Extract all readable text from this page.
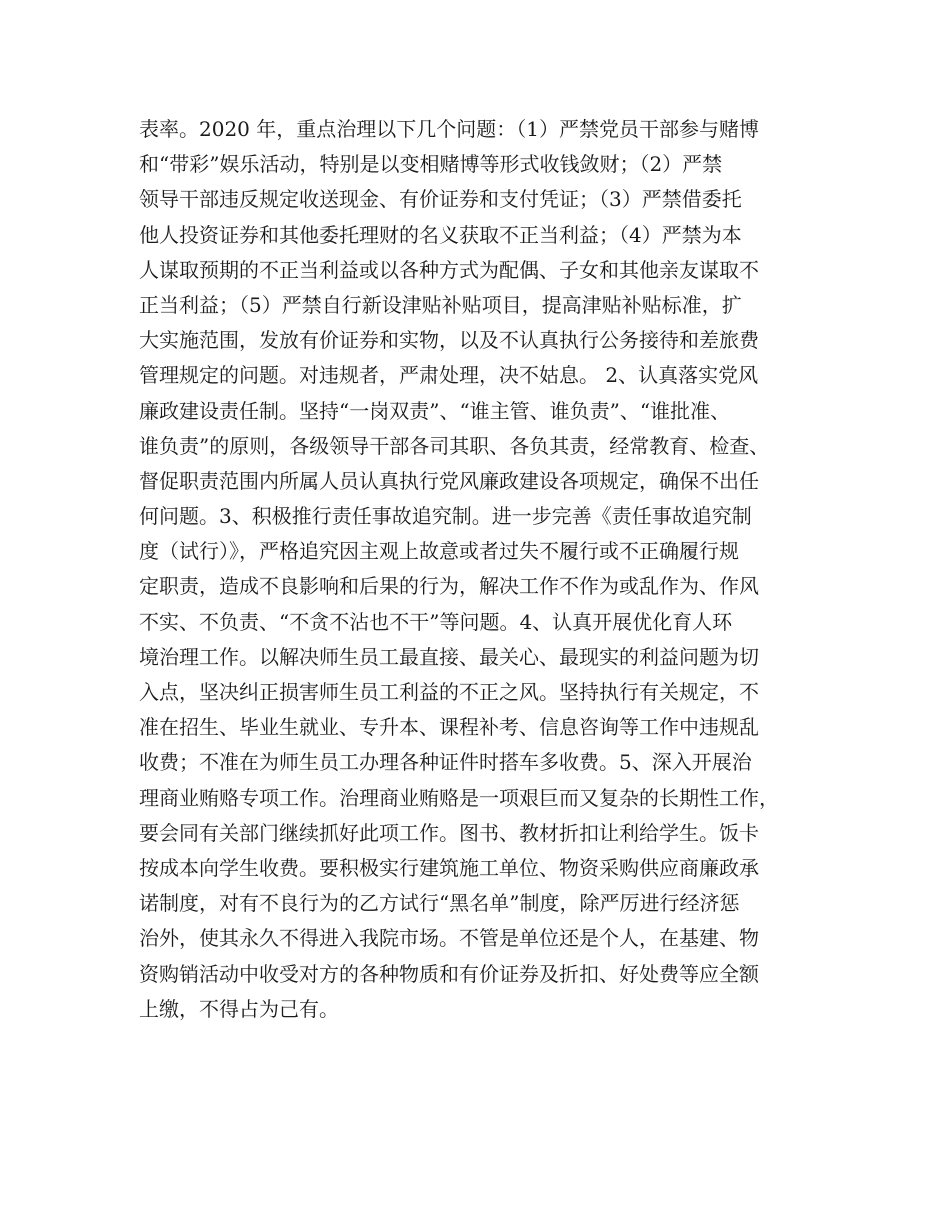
表率。2020 年，重点治理以下几个问题：（1）严禁党员干部参与赌博
和“带彩”娱乐活动，特别是以变相赌博等形式收钱敛财；（2）严禁
领导干部违反规定收送现金、有价证券和支付凭证；（3）严禁借委托
他人投资证券和其他委托理财的名义获取不正当利益；（4）严禁为本
人谋取预期的不正当利益或以各种方式为配偶、子女和其他亲友谋取不
正当利益；（5）严禁自行新设津贴补贴项目，提高津贴补贴标准，扩
大实施范围，发放有价证券和实物，以及不认真执行公务接待和差旅费
管理规定的问题。对违规者，严肃处理，决不姑息。 2、认真落实党风
廉政建设责任制。坚持“一岗双责”、“谁主管、谁负责”、“谁批准、
谁负责”的原则，各级领导干部各司其职、各负其责，经常教育、检查、
督促职责范围内所属人员认真执行党风廉政建设各项规定，确保不出任
何问题。3、积极推行责任事故追究制。进一步完善《责任事故追究制
度（试行）》，严格追究因主观上故意或者过失不履行或不正确履行规
定职责，造成不良影响和后果的行为，解决工作不作为或乱作为、作风
不实、不负责、“不贪不沾也不干”等问题。4、认真开展优化育人环
境治理工作。以解决师生员工最直接、最关心、最现实的利益问题为切
入点，坚决纠正损害师生员工利益的不正之风。坚持执行有关规定，不
准在招生、毕业生就业、专升本、课程补考、信息咨询等工作中违规乱
收费；不准在为师生员工办理各种证件时搭车多收费。5、深入开展治
理商业贿赂专项工作。治理商业贿赂是一项艰巨而又复杂的长期性工作，
要会同有关部门继续抓好此项工作。图书、教材折扣让利给学生。饭卡
按成本向学生收费。要积极实行建筑施工单位、物资采购供应商廉政承
诺制度，对有不良行为的乙方试行“黑名单”制度，除严厉进行经济惩
治外，使其永久不得进入我院市场。不管是单位还是个人，在基建、物
资购销活动中收受对方的各种物质和有价证券及折扣、好处费等应全额
上缴，不得占为己有。
